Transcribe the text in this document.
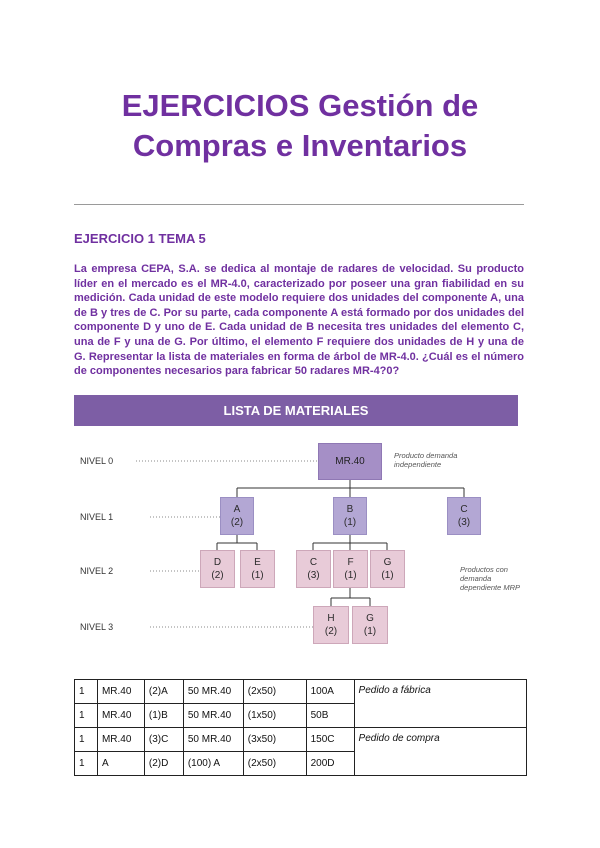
EJERCICIOS Gestión de
Compras e Inventarios
EJERCICIO 1 TEMA 5

La empresa CEPA, S.A. se dedica al montaje de radares de velocidad. Su producto líder en el mercado es el MR-4.0, caracterizado por poseer una gran fiabilidad en su medición. Cada unidad de este modelo requiere dos unidades del componente A, una de B y tres de C. Por su parte, cada componente A está formado por dos unidades del componente D y uno de E. Cada unidad de B necesita tres unidades del elemento C, una de F y una de G. Por último, el elemento F requiere dos unidades de H y una de G. Representar la lista de materiales en forma de árbol de MR-4.0. ¿Cuál es el número de componentes necesarios para fabricar 50 radares MR-4?0?

LISTA DE MATERIALES
NIVEL 0
NIVEL 1
NIVEL 2
NIVEL 3
Producto demanda independiente
Productos con demanda dependiente MRP
MR.40
A
(2)
B
(1)
C
(3)
D
(2)
E
(1)
C
(3)
F
(1)
G
(1)
H
(2)
G
(1)
1	MR.40	(2)A	50 MR.40	(2x50)	100A	Pedido a fábrica
1	MR.40	(1)B	50 MR.40	(1x50)	50B	
1	MR.40	(3)C	50 MR.40	(3x50)	150C	Pedido de compra
1	A	(2)D	(100) A	(2x50)	200D	
